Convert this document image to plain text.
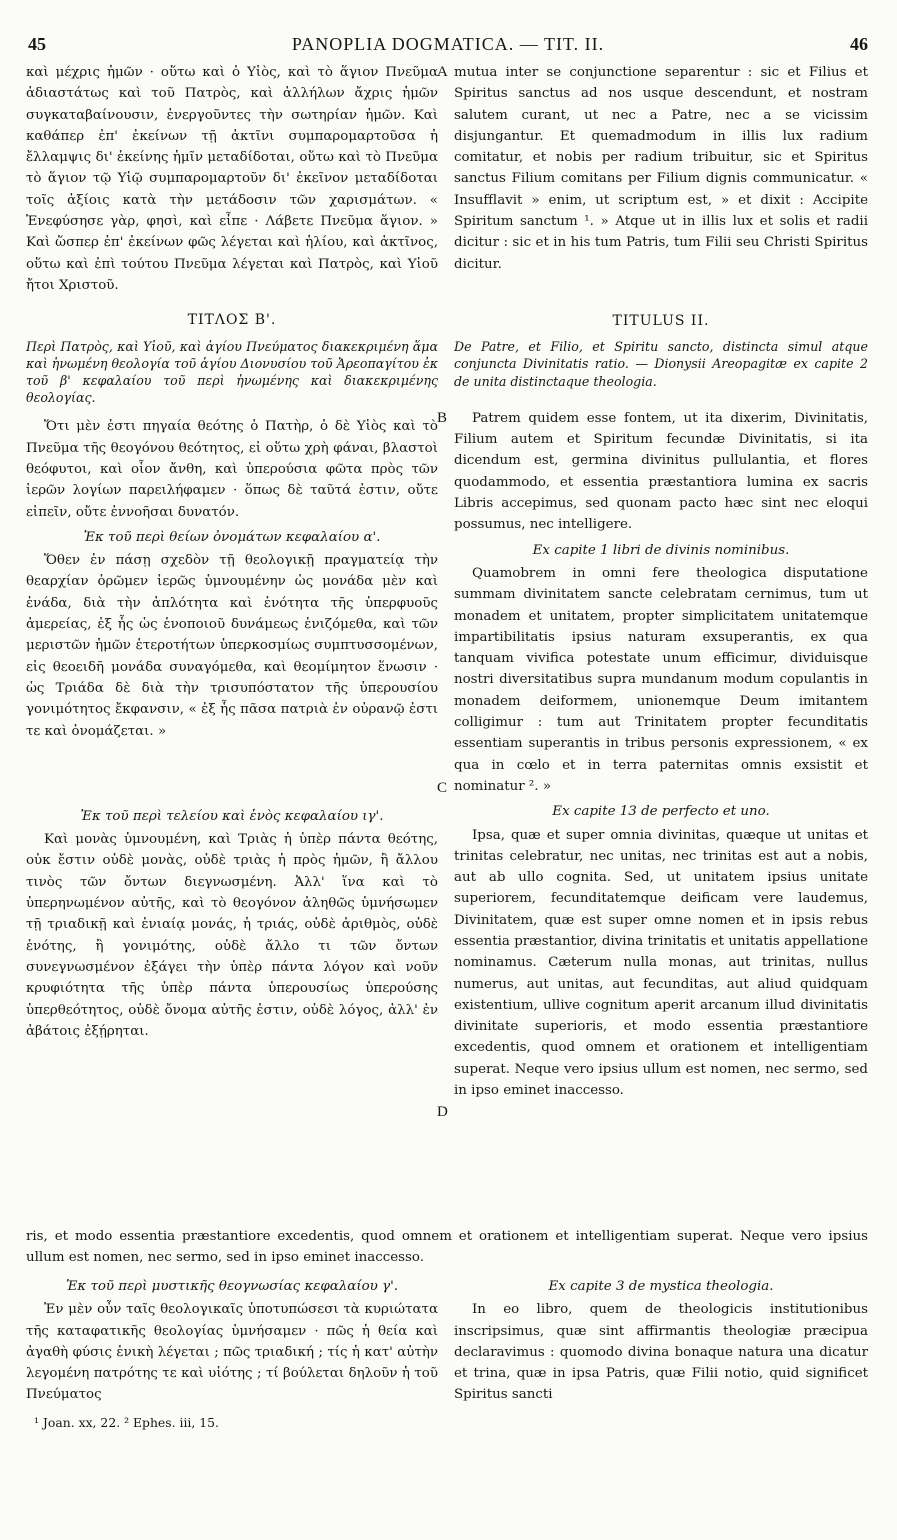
45	PANOPLIA DOGMATICA. — TIT. II.	46
A
B
C
D

καὶ μέχρις ἡμῶν · οὕτω καὶ ὁ Υἱὸς, καὶ τὸ ἅγιον Πνεῦμα ἀδιαστάτως καὶ τοῦ Πατρὸς, καὶ ἀλλήλων ἄχρις ἡμῶν συγκαταβαίνουσιν, ἐνεργοῦντες τὴν σωτηρίαν ἡμῶν. Καὶ καθάπερ ἐπ' ἐκείνων τῇ ἀκτῖνι συμπαρομαρτοῦσα ἡ ἔλλαμψις δι' ἐκείνης ἡμῖν μεταδίδοται, οὕτω καὶ τὸ Πνεῦμα τὸ ἅγιον τῷ Υἱῷ συμπαρομαρτοῦν δι' ἐκεῖνον μεταδίδοται τοῖς ἀξίοις κατὰ τὴν μετάδοσιν τῶν χαρισμάτων. « Ἐνεφύσησε γὰρ, φησὶ, καὶ εἶπε · Λάβετε Πνεῦμα ἅγιον. » Καὶ ὥσπερ ἐπ' ἐκείνων φῶς λέγεται καὶ ἡλίου, καὶ ἀκτῖνος, οὕτω καὶ ἐπὶ τούτου Πνεῦμα λέγεται καὶ Πατρὸς, καὶ Υἱοῦ ἤτοι Χριστοῦ.

ΤΙΤΛΟΣ Β'.

Περὶ Πατρὸς, καὶ Υἱοῦ, καὶ ἁγίου Πνεύματος διακεκριμένη ἅμα καὶ ἡνωμένη θεολογία τοῦ ἁγίου Διονυσίου τοῦ Ἀρεοπαγίτου ἐκ τοῦ β' κεφαλαίου τοῦ περὶ ἡνωμένης καὶ διακεκριμένης θεολογίας.

Ὅτι μὲν ἐστι πηγαία θεότης ὁ Πατὴρ, ὁ δὲ Υἱὸς καὶ τὸ Πνεῦμα τῆς θεογόνου θεότητος, εἰ οὕτω χρὴ φάναι, βλαστοὶ θεόφυτοι, καὶ οἷον ἄνθη, καὶ ὑπερούσια φῶτα πρὸς τῶν ἱερῶν λογίων παρειλήφαμεν · ὅπως δὲ ταῦτά ἐστιν, οὔτε εἰπεῖν, οὔτε ἐννοῆσαι δυνατόν.

Ἐκ τοῦ περὶ θείων ὀνομάτων κεφαλαίου α'.

Ὅθεν ἐν πάσῃ σχεδὸν τῇ θεολογικῇ πραγματείᾳ τὴν θεαρχίαν ὁρῶμεν ἱερῶς ὑμνουμένην ὡς μονάδα μὲν καὶ ἑνάδα, διὰ τὴν ἁπλότητα καὶ ἑνότητα τῆς ὑπερφυοῦς ἀμερείας, ἐξ ἧς ὡς ἑνοποιοῦ δυνάμεως ἑνιζόμεθα, καὶ τῶν μεριστῶν ἡμῶν ἑτεροτήτων ὑπερκοσμίως συμπτυσσομένων, εἰς θεοειδῆ μονάδα συναγόμεθα, καὶ θεομίμητον ἕνωσιν · ὡς Τριάδα δὲ διὰ τὴν τρισυπόστατον τῆς ὑπερουσίου γονιμότητος ἔκφανσιν, « ἐξ ἧς πᾶσα πατριὰ ἐν οὐρανῷ ἐστι τε καὶ ὀνομάζεται. »

Ἐκ τοῦ περὶ τελείου καὶ ἑνὸς κεφαλαίου ιγ'.

Καὶ μονὰς ὑμνουμένη, καὶ Τριὰς ἡ ὑπὲρ πάντα θεότης, οὐκ ἔστιν οὐδὲ μονὰς, οὐδὲ τριὰς ἡ πρὸς ἡμῶν, ἢ ἄλλου τινὸς τῶν ὄντων διεγνωσμένη. Ἀλλ' ἵνα καὶ τὸ ὑπερηνωμένον αὐτῆς, καὶ τὸ θεογόνον ἀληθῶς ὑμνήσωμεν τῇ τριαδικῇ καὶ ἑνιαίᾳ μονάς, ἡ τριάς, οὐδὲ ἀριθμὸς, οὐδὲ ἑνότης, ἢ γονιμότης, οὐδὲ ἄλλο τι τῶν ὄντων συνεγνωσμένον ἐξάγει τὴν ὑπὲρ πάντα λόγον καὶ νοῦν κρυφιότητα τῆς ὑπὲρ πάντα ὑπερουσίως ὑπερούσης ὑπερθεότητος, οὐδὲ ὄνομα αὐτῆς ἐστιν, οὐδὲ λόγος, ἀλλ' ἐν ἀβάτοις ἐξῄρηται.

mutua inter se conjunctione separentur : sic et Filius et Spiritus sanctus ad nos usque descendunt, et nostram salutem curant, ut nec a Patre, nec a se vicissim disjungantur. Et quemadmodum in illis lux radium comitatur, et nobis per radium tribuitur, sic et Spiritus sanctus Filium comitans per Filium dignis communicatur. « Insufflavit » enim, ut scriptum est, » et dixit : Accipite Spiritum sanctum ¹. » Atque ut in illis lux et solis et radii dicitur : sic et in his tum Patris, tum Filii seu Christi Spiritus dicitur.

TITULUS II.

De Patre, et Filio, et Spiritu sancto, distincta simul atque conjuncta Divinitatis ratio. — Dionysii Areopagitæ ex capite 2 de unita distinctaque theologia.

Patrem quidem esse fontem, ut ita dixerim, Divinitatis, Filium autem et Spiritum fecundæ Divinitatis, si ita dicendum est, germina divinitus pullulantia, et flores quodammodo, et essentia præstantiora lumina ex sacris Libris accepimus, sed quonam pacto hæc sint nec eloqui possumus, nec intelligere.

Ex capite 1 libri de divinis nominibus.

Quamobrem in omni fere theologica disputatione summam divinitatem sancte celebratam cernimus, tum ut monadem et unitatem, propter simplicitatem unitatemque impartibilitatis ipsius naturam exsuperantis, ex qua tanquam vivifica potestate unum efficimur, dividuisque nostri diversitatibus supra mundanum modum copulantis in monadem deiformem, unionemque Deum imitantem colligimur : tum aut Trinitatem propter fecunditatis essentiam superantis in tribus personis expressionem, « ex qua in cœlo et in terra paternitas omnis exsistit et nominatur ². »

Ex capite 13 de perfecto et uno.

Ipsa, quæ et super omnia divinitas, quæque ut unitas et trinitas celebratur, nec unitas, nec trinitas est aut a nobis, aut ab ullo cognita. Sed, ut unitatem ipsius unitate superiorem, fecunditatemque deificam vere laudemus, Divinitatem, quæ est super omne nomen et in ipsis rebus essentia præstantior, divina trinitatis et unitatis appellatione nominamus. Cæterum nulla monas, aut trinitas, nullus numerus, aut unitas, aut fecunditas, aut aliud quidquam existentium, ullive cognitum aperit arcanum illud divinitatis divinitate superioris, et modo essentia præstantiore excedentis, quod omnem et orationem et intelligentiam superat. Neque vero ipsius ullum est nomen, nec sermo, sed in ipso eminet inaccesso.

ris, et modo essentia præstantiore excedentis, quod omnem et orationem et intelligentiam superat. Neque vero ipsius ullum est nomen, nec sermo, sed in ipso eminet inaccesso.
Ἐκ τοῦ περὶ μυστικῆς θεογνωσίας κεφαλαίου γ'.

Ἐν μὲν οὖν ταῖς θεολογικαῖς ὑποτυπώσεσι τὰ κυριώτατα τῆς καταφατικῆς θεολογίας ὑμνήσαμεν · πῶς ἡ θεία καὶ ἀγαθὴ φύσις ἑνικὴ λέγεται ; πῶς τριαδική ; τίς ἡ κατ' αὐτὴν λεγομένη πατρότης τε καὶ υἱότης ; τί βούλεται δηλοῦν ἡ τοῦ Πνεύματος

¹ Joan. xx, 22. ² Ephes. iii, 15.
Ex capite 3 de mystica theologia.

In eo libro, quem de theologicis institutionibus inscripsimus, quæ sint affirmantis theologiæ præcipua declaravimus : quomodo divina bonaque natura una dicatur et trina, quæ in ipsa Patris, quæ Filii notio, quid significet Spiritus sancti
